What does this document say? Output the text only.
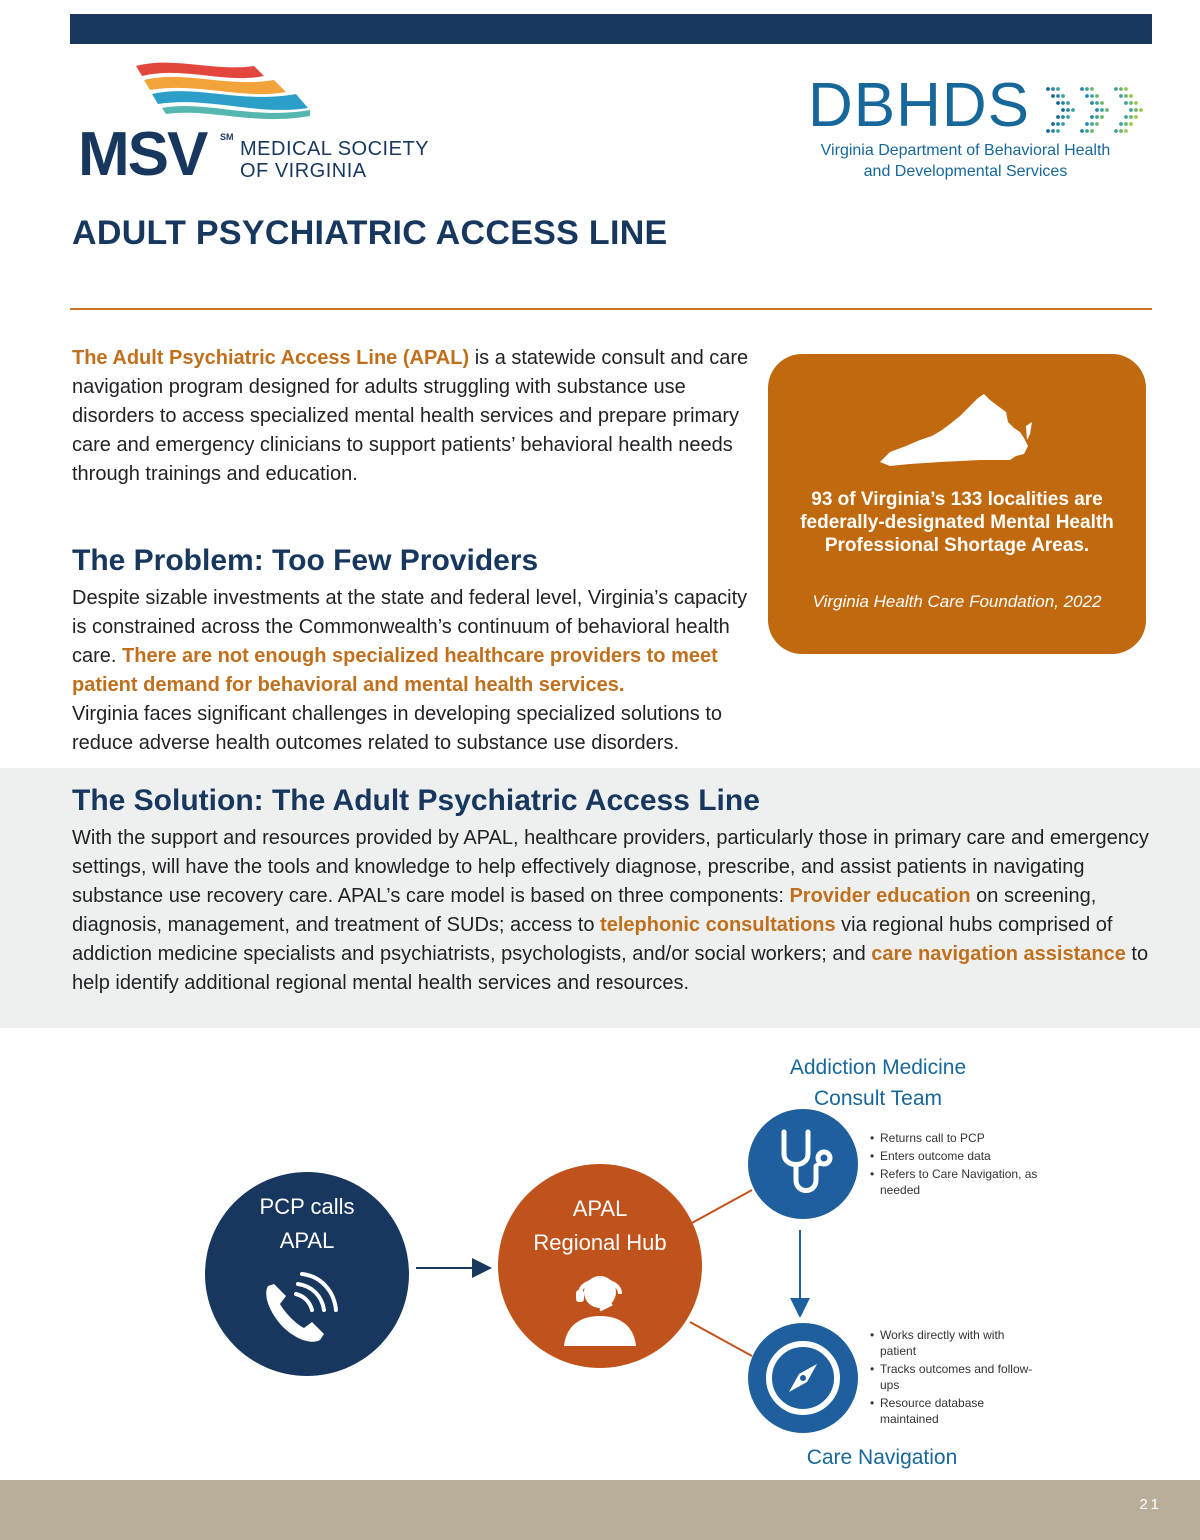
MSV SM
MEDICAL SOCIETY
OF VIRGINIA
DBHDS
Virginia Department of Behavioral Health
and Developmental Services
ADULT PSYCHIATRIC ACCESS LINE

The Adult Psychiatric Access Line (APAL) is a statewide consult and care navigation program designed for adults struggling with substance use disorders to access specialized mental health services and prepare primary care and emergency clinicians to support patients’ behavioral health needs through trainings and education.

93 of Virginia’s 133 localities are federally-designated Mental Health Professional Shortage Areas.
Virginia Health Care Foundation, 2022
The Problem: Too Few Providers

Despite sizable investments at the state and federal level, Virginia’s capacity is constrained across the Commonwealth’s continuum of behavioral health care. There are not enough specialized healthcare providers to meet patient demand for behavioral and mental health services.

Virginia faces significant challenges in developing specialized solutions to
reduce adverse health outcomes related to substance use disorders.

The Solution: The Adult Psychiatric Access Line

With the support and resources provided by APAL, healthcare providers, particularly those in primary care and emergency settings, will have the tools and knowledge to help effectively diagnose, prescribe, and assist patients in navigating substance use recovery care. APAL’s care model is based on three components: Provider education on screening, diagnosis, management, and treatment of SUDs; access to telephonic consultations via regional hubs comprised of addiction medicine specialists and psychiatrists, psychologists, and/or social workers; and care navigation assistance to help identify additional regional mental health services and resources.

PCP calls
APAL
APAL
Regional Hub
Addiction Medicine
Consult Team
• Returns call to PCP
• Enters outcome data
• Refers to Care Navigation, as needed
• Works directly with with patient
• Tracks outcomes and follow-ups
• Resource database maintained
Care Navigation
21
